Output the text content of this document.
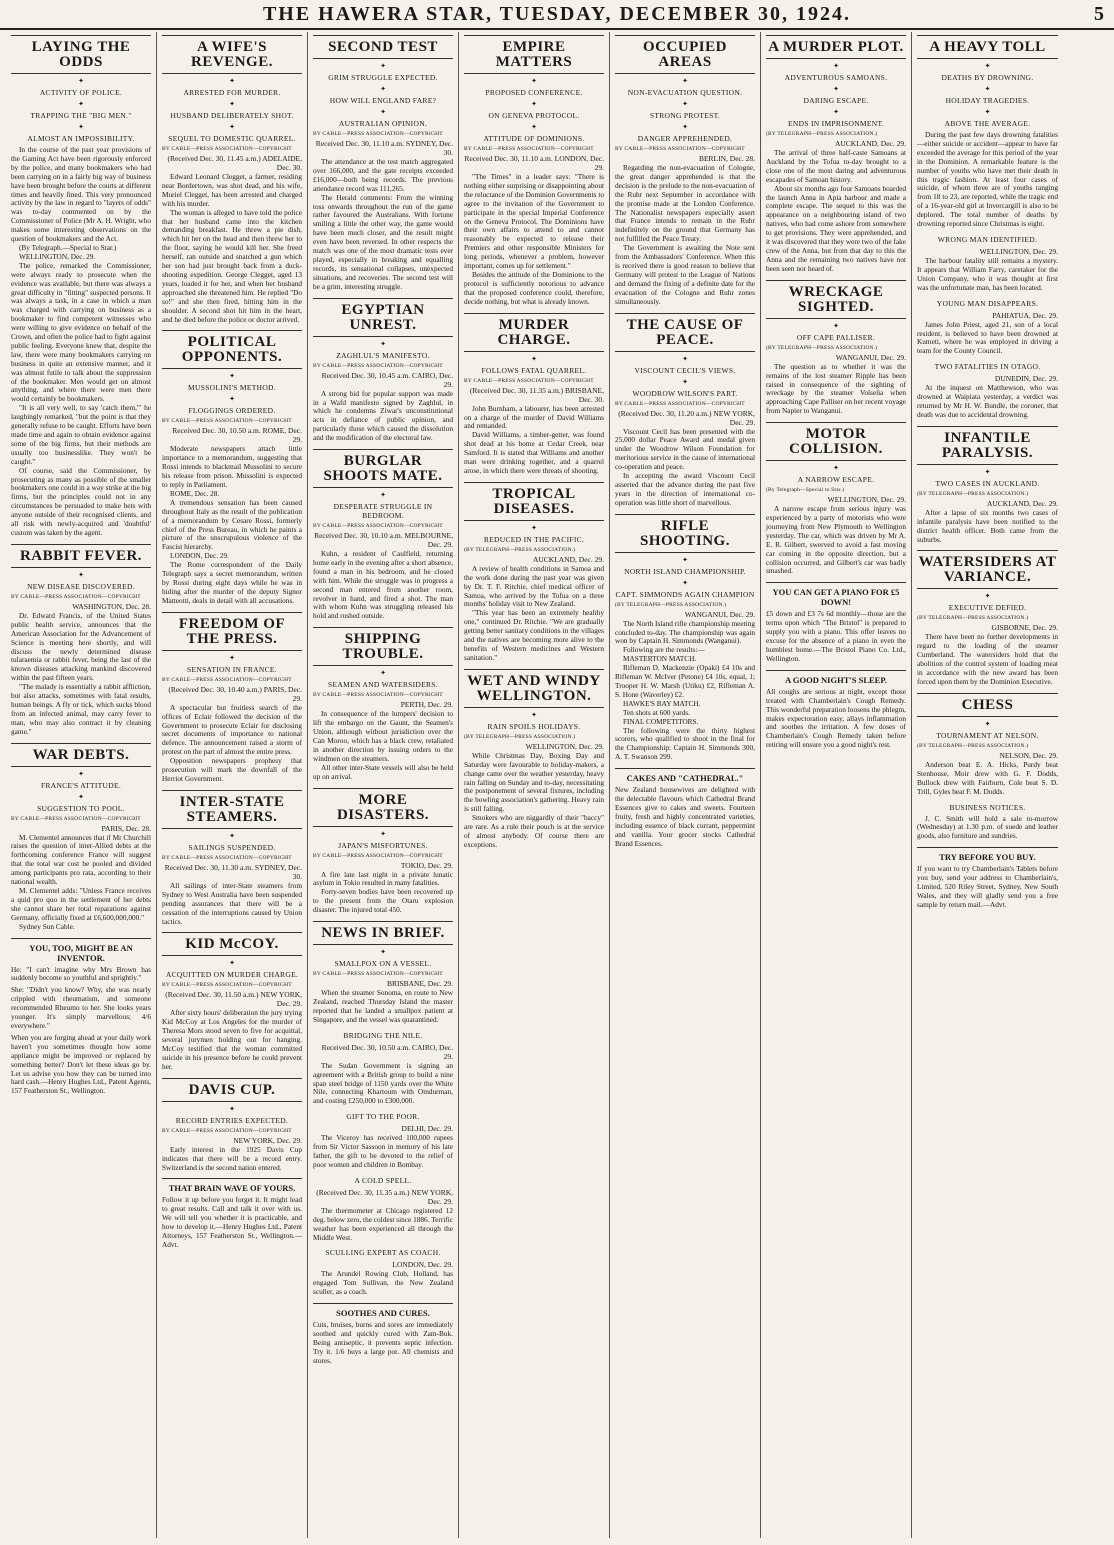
THE HAWERA STAR, TUESDAY, DECEMBER 30, 1924.	5
LAYING THE ODDS
✦
ACTIVITY OF POLICE.
✦
TRAPPING THE "BIG MEN."
✦
ALMOST AN IMPOSSIBILITY.

In the course of the past year provisions of the Gaming Act have been rigorously enforced by the police, and many bookmakers who had been carrying on in a fairly big way of business have been brought before the courts at different times and heavily fined. This very pronounced activity by the law in regard to "layers of odds" was to-day commented on by the Commissioner of Police (Mr A. H. Wright, who makes some interesting observations on the question of bookmakers and the Act.

(By Telegraph.—Special to Star.)

WELLINGTON, Dec. 29.

The police, remarked the Commissioner, were always ready to prosecute when the evidence was available, but there was always a great difficulty in "fitting" suspected persons. It was always a task, in a case in which a man was charged with carrying on business as a bookmaker to find competent witnesses who were willing to give evidence on behalf of the Crown, and often the police had to fight against public feeling. Everyone knew that, despite the law, there were many bookmakers carrying on business in quite an extensive manner, and it was almost futile to talk about the suppression of the bookmaker. Men would get on almost anything, and where there were men there would certainly be bookmakers.

"It is all very well, to say 'catch them,'" he laughingly remarked, "but the point is that they generally refuse to be caught. Efforts have been made time and again to obtain evidence against some of the big firms, but their methods are usually too businesslike. They won't be caught."

Of course, said the Commissioner, by prosecuting as many as possible of the smaller bookmakers one could in a way strike at the big firms, but the principles could not in any circumstances be persuaded to make bets with anyone outside of their recognised clients, and all risk with newly-acquired and 'doubtful' custom was taken by the agent.

RABBIT FEVER.
✦
NEW DISEASE DISCOVERED.
BY CABLE—PRESS ASSOCIATION—COPYRIGHT
WASHINGTON, Dec. 28.

Dr. Edward Francis, of the United States public health service, announces that the American Association for the Advancement of Science is meeting here shortly, and will discuss the newly determined disease tularaemia or rabbit fever, being the last of the known diseases attacking mankind discovered within the past fifteen years.

"The malady is essentially a rabbit affliction, but also attacks, sometimes with fatal results, human beings. A fly or tick, which sucks blood from an infected animal, may carry fever to man, who may also contract it by cleaning game."

WAR DEBTS.
✦
FRANCE'S ATTITUDE.
✦
SUGGESTION TO POOL.
BY CABLE—PRESS ASSOCIATION—COPYRIGHT
PARIS, Dec. 28.

M. Clementel announces that if Mr Churchill raises the question of inter-Allied debts at the forthcoming conference France will suggest that the total war cost be pooled and divided among participants pro rata, according to their national wealth.

M. Clementel adds: "Unless France receives a quid pro quo in the settlement of her debts she cannot share her total reparations against Germany, officially fixed at £6,600,000,000."

Sydney Sun Cable.

YOU, TOO, MIGHT BE AN INVENTOR.

He: "I can't imagine why Mrs Brown has suddenly become so youthful and sprightly."

She: "Didn't you know? Why, she was nearly crippled with rheumatism, and someone recommended Rheumo to her. She looks years younger. It's simply marvellous; 4/6 everywhere."

When you are forging ahead at your daily work haven't you sometimes thought how some appliance might be improved or replaced by something better? Don't let these ideas go by. Let us advise you how they can be turned into hard cash.—Henry Hughes Ltd., Patent Agents, 157 Featherston St., Wellington.

A WIFE'S REVENGE.
✦
ARRESTED FOR MURDER.
✦
HUSBAND DELIBERATELY SHOT.
✦
SEQUEL TO DOMESTIC QUARREL.
BY CABLE—PRESS ASSOCIATION—COPYRIGHT
(Received Dec. 30, 11.45 a.m.) ADELAIDE, Dec. 30.

Edward Leonard Clegget, a farmer, residing near Bordertown, was shot dead, and his wife, Muriel Clegget, has been arrested and charged with his murder.

The woman is alleged to have told the police that her husband came into the kitchen demanding breakfast. He threw a pie dish, which hit her on the head and then threw her to the floor, saying he would kill her. She freed herself, ran outside and snatched a gun which her son had just brought back from a duck-shooting expedition. George Clegget, aged 13 years, loaded it for her, and when her husband approached she threatened him. He replied "Do so!" and she then fired, hitting him in the shoulder. A second shot hit him in the heart, and he died before the police or doctor arrived.

POLITICAL OPPONENTS.
✦
MUSSOLINI'S METHOD.
✦
FLOGGINGS ORDERED.
BY CABLE—PRESS ASSOCIATION—COPYRIGHT
Received Dec. 30, 10.50 a.m. ROME, Dec. 29.

Moderate newspapers attach little importance to a memorandum, suggesting that Rossi intends to blackmail Mussolini to secure his release from prison. Mussolini is expected to reply in Parliament.

ROME, Dec. 28.

A tremendous sensation has been caused throughout Italy as the result of the publication of a memorandum by Cesare Rossi, formerly chief of the Press Bureau, in which he paints a picture of the unscrupulous violence of the Fascist hierarchy.

LONDON, Dec. 29.

The Rome correspondent of the Daily Telegraph says a secret memorandum, written by Rossi during eight days while he was in hiding after the murder of the deputy Signor Matteotti, deals in detail with all accusations.

FREEDOM OF THE PRESS.
✦
SENSATION IN FRANCE.
BY CABLE—PRESS ASSOCIATION—COPYRIGHT
(Received Dec. 30, 10.40 a.m.) PARIS, Dec. 29.

A spectacular but fruitless search of the offices of Eclair followed the decision of the Government to prosecute Eclair for disclosing secret documents of importance to national defence. The announcement raised a storm of protest on the part of almost the entire press.

Opposition newspapers prophesy that prosecution will mark the downfall of the Herriot Government.

INTER-STATE STEAMERS.
✦
SAILINGS SUSPENDED.
BY CABLE—PRESS ASSOCIATION—COPYRIGHT
Received Dec. 30, 11.30 a.m. SYDNEY, Dec. 30.

All sailings of inter-State steamers from Sydney to West Australia have been suspended pending assurances that there will be a cessation of the interruptions caused by Union tactics.

KID McCOY.
✦
ACQUITTED ON MURDER CHARGE.
BY CABLE—PRESS ASSOCIATION—COPYRIGHT
(Received Dec. 30, 11.50 a.m.) NEW YORK, Dec. 29.

After sixty hours' deliberation the jury trying Kid McCoy at Los Angeles for the murder of Theresa Mors stood seven to five for acquittal, several jurymen holding out for hanging. McCoy testified that the woman committed suicide in his presence before he could prevent her.

DAVIS CUP.
✦
RECORD ENTRIES EXPECTED.
BY CABLE—PRESS ASSOCIATION—COPYRIGHT
NEW YORK, Dec. 29.

Early interest in the 1925 Davis Cup indicates that there will be a record entry. Switzerland is the second nation entered.

THAT BRAIN WAVE OF YOURS.

Follow it up before you forget it. It might lead to great results. Call and talk it over with us. We will tell you whether it is practicable, and how to develop it.—Henry Hughes Ltd., Patent Attorneys, 157 Featherston St., Wellington.—Advt.

SECOND TEST
✦
GRIM STRUGGLE EXPECTED.
✦
HOW WILL ENGLAND FARE?
✦
AUSTRALIAN OPINION.
BY CABLE—PRESS ASSOCIATION—COPYRIGHT
Received Dec. 30, 11.10 a.m. SYDNEY, Dec. 30.

The attendance at the test match aggregated over 166,000, and the gate receipts exceeded £16,000—both being records. The previous attendance record was 111,265.

The Herald comments: From the winning toss onwards throughout the run of the game rather favoured the Australians. With fortune smiling a little the other way, the game would have been much closer, and the result might even have been reversed. In other respects the match was one of the most dramatic tests ever played, especially in breaking and equalling records, its sensational collapses, unexpected situations, and recoveries. The second test will be a grim, interesting struggle.

EGYPTIAN UNREST.
✦
ZAGHLUL'S MANIFESTO.
BY CABLE—PRESS ASSOCIATION—COPYRIGHT
Received Dec. 30, 10.45 a.m. CAIRO, Dec. 29.

A strong bid for popular support was made in a Wafd manifesto signed by Zaghlul, in which he condemns Ziwar's unconstitutional acts in defiance of public opinion, and particularly those which caused the dissolution and the modification of the electoral law.

BURGLAR SHOOTS MATE.
✦
DESPERATE STRUGGLE IN BEDROOM.
BY CABLE—PRESS ASSOCIATION—COPYRIGHT
Received Dec. 30, 10.10 a.m. MELBOURNE, Dec. 29.

Kuhn, a resident of Caulfield, returning home early in the evening after a short absence, found a man in his bedroom, and he closed with him. While the struggle was in progress a second man entered from another room, revolver in hand, and fired a shot. The man with whom Kuhn was struggling released his hold and rushed outside.

SHIPPING TROUBLE.
✦
SEAMEN AND WATERSIDERS.
BY CABLE—PRESS ASSOCIATION—COPYRIGHT
PERTH, Dec. 29.

In consequence of the lumpers' decision to lift the embargo on the Gaunt, the Seamen's Union, although without jurisdiction over the Can Moroo, which has a black crew, retaliated in another direction by issuing orders to the windmen on the steamers.

All other inter-State vessels will also be held up on arrival.

MORE DISASTERS.
✦
JAPAN'S MISFORTUNES.
BY CABLE—PRESS ASSOCIATION—COPYRIGHT
TOKIO, Dec. 29.

A fire late last night in a private lunatic asylum in Tokio resulted in many fatalities.

Forty-seven bodies have been recovered up to the present from the Otaru explosion disaster. The injured total 450.

NEWS IN BRIEF.
✦
SMALLPOX ON A VESSEL.
BY CABLE—PRESS ASSOCIATION—COPYRIGHT
BRISBANE, Dec. 29.

When the steamer Sonoma, en route to New Zealand, reached Thursday Island the master reported that he landed a smallpox patient at Singapore, and the vessel was quarantined.

BRIDGING THE NILE.
Received Dec. 30, 10.50 a.m. CAIRO, Dec. 29.

The Sudan Government is signing an agreement with a British group to build a nine span steel bridge of 1150 yards over the White Nile, connecting Khartoum with Omdurman, and costing £250,000 to £300,000.

GIFT TO THE POOR.
DELHI, Dec. 29.

The Viceroy has received 100,000 rupees from Sir Victor Sassoon in memory of his late father, the gift to be devoted to the relief of poor women and children in Bombay.

A COLD SPELL.
(Received Dec. 30, 11.35 a.m.) NEW YORK, Dec. 29.

The thermometer at Chicago registered 12 deg. below zero, the coldest since 1886. Terrific weather has been experienced all through the Middle West.

SCULLING EXPERT AS COACH.
LONDON, Dec. 29.

The Arundel Rowing Club, Holland, has engaged Tom Sullivan, the New Zealand sculler, as a coach.

SOOTHES AND CURES.

Cuts, bruises, burns and sores are immediately soothed and quickly cured with Zam-Buk. Being antiseptic, it prevents septic infection. Try it. 1/6 buys a large pot. All chemists and stores.

EMPIRE MATTERS
✦
PROPOSED CONFERENCE.
✦
ON GENEVA PROTOCOL.
✦
ATTITUDE OF DOMINIONS.
BY CABLE—PRESS ASSOCIATION—COPYRIGHT
Received Dec. 30, 11.10 a.m. LONDON, Dec. 29.

"The Times" in a leader says: "There is nothing either surprising or disappointing about the reluctance of the Dominion Governments to agree to the invitation of the Government to participate in the special Imperial Conference on the Geneva Protocol. The Dominions have their own affairs to attend to and cannot reasonably be expected to release their Premiers and other responsible Ministers for long periods, whenever a problem, however important, comes up for settlement."

Besides the attitude of the Dominions to the protocol is sufficiently notorious to advance that the proposed conference could, therefore, decide nothing, but what is already known.

MURDER CHARGE.
✦
FOLLOWS FATAL QUARREL.
BY CABLE—PRESS ASSOCIATION—COPYRIGHT
(Received Dec. 30, 11.35 a.m.) BRISBANE, Dec. 30.

John Burnham, a labourer, has been arrested on a charge of the murder of David Williams and remanded.

David Williams, a timber-getter, was found shot dead at his home at Cedar Creek, near Samford. It is stated that Williams and another man were drinking together, and a quarrel arose, in which there were threats of shooting.

TROPICAL DISEASES.
✦
REDUCED IN THE PACIFIC.
(BY TELEGRAPH—PRESS ASSOCIATION.)
AUCKLAND, Dec. 29.

A review of health conditions in Samoa and the work done during the past year was given by Dr. T. F. Ritchie, chief medical officer of Samoa, who arrived by the Tofua on a three months' holiday visit to New Zealand.

"This year has been an extremely healthy one," continued Dr. Ritchie. "We are gradually getting better sanitary conditions in the villages and the natives are becoming more alive to the benefits of Western medicines and Western sanitation."

WET AND WINDY WELLINGTON.
✦
RAIN SPOILS HOLIDAYS.
(BY TELEGRAPH—PRESS ASSOCIATION.)
WELLINGTON, Dec. 29.

While Christmas Day, Boxing Day and Saturday were favourable to holiday-makers, a change came over the weather yesterday, heavy rain falling on Sunday and to-day, necessitating the postponement of several fixtures, including the bowling association's gathering. Heavy rain is still falling.

Smokers who are niggardly of their "baccy" are rare. As a rule their pouch is at the service of almost anybody. Of course there are exceptions.

OCCUPIED AREAS
✦
NON-EVACUATION QUESTION.
✦
STRONG PROTEST.
✦
DANGER APPREHENDED.
BY CABLE—PRESS ASSOCIATION—COPYRIGHT
BERLIN, Dec. 28.

Regarding the non-evacuation of Cologne, the great danger apprehended is that the decision is the prelude to the non-evacuation of the Ruhr next September in accordance with the promise made at the London Conference. The Nationalist newspapers especially assert that France intends to remain in the Ruhr indefinitely on the ground that Germany has not fulfilled the Peace Treaty.

The Government is awaiting the Note sent from the Ambassadors' Conference. When this is received there is good reason to believe that Germany will protest to the League of Nations and demand the fixing of a definite date for the evacuation of the Cologne and Ruhr zones simultaneously.

THE CAUSE OF PEACE.
✦
VISCOUNT CECIL'S VIEWS.
✦
WOODROW WILSON'S PART.
BY CABLE—PRESS ASSOCIATION—COPYRIGHT
(Received Dec. 30, 11.20 a.m.) NEW YORK, Dec. 29.

Viscount Cecil has been presented with the 25,000 dollar Peace Award and medal given under the Woodrow Wilson Foundation for meritorious service in the cause of international co-operation and peace.

In accepting the award Viscount Cecil asserted that the advance during the past five years in the direction of international co-operation was little short of marvellous.

RIFLE SHOOTING.
✦
NORTH ISLAND CHAMPIONSHIP.
✦
CAPT. SIMMONDS AGAIN CHAMPION
(BY TELEGRAPH—PRESS ASSOCIATION.)
WANGANUI, Dec. 29.

The North Island rifle championship meeting concluded to-day. The championship was again won by Captain H. Simmonds (Wanganui).

Following are the results:—

MASTERTON MATCH.

Rifleman D. Mackenzie (Opaki) £4 10s and Rifleman W. McIver (Petone) £4 10s, equal, 1; Trooper H. W. Marsh (Utiku) £2, Rifleman A. S. Hone (Waverley) £2.

HAWKE'S BAY MATCH.

Ten shots at 600 yards.

FINAL COMPETITORS.

The following were the thirty highest scorers, who qualified to shoot in the final for the Championship: Captain H. Simmonds 300, A. T. Swanson 299.

CAKES AND "CATHEDRAL."

New Zealand housewives are delighted with the delectable flavours which Cathedral Brand Essences give to cakes and sweets. Fourteen fruity, fresh and highly concentrated varieties, including essence of black currant, peppermint and vanilla. Your grocer stocks Cathedral Brand Essences.

A MURDER PLOT.
✦
ADVENTUROUS SAMOANS.
✦
DARING ESCAPE.
✦
ENDS IN IMPRISONMENT.
(BY TELEGRAPH—PRESS ASSOCIATION.)
AUCKLAND, Dec. 29.

The arrival of three half-caste Samoans at Auckland by the Tofua to-day brought to a close one of the most daring and adventurous escapades of Samoan history.

About six months ago four Samoans boarded the launch Anna in Apia harbour and made a complete escape. The sequel to this was the appearance on a neighbouring island of two natives, who had come ashore from somewhere to get provisions. They were apprehended, and it was discovered that they were two of the fake crew of the Anna, but from that day to this the Anna and the remaining two natives have not been seen nor heard of.

WRECKAGE SIGHTED.
✦
OFF CAPE PALLISER.
(BY TELEGRAPH—PRESS ASSOCIATION.)
WANGANUI, Dec. 29.

The question as to whether it was the remains of the lost steamer Ripple has been raised in consequence of the sighting of wreckage by the steamer Volselia when approaching Cape Palliser on her recent voyage from Napier to Wanganui.

MOTOR COLLISION.
✦
A NARROW ESCAPE.
(By Telegraph—Special to Star.)
WELLINGTON, Dec. 29.

A narrow escape from serious injury was experienced by a party of motorists who were journeying from New Plymouth to Wellington yesterday. The car, which was driven by Mr A. E. R. Gilbert, swerved to avoid a fast moving car coming in the opposite direction, but a collision occurred, and Gilbert's car was badly smashed.

YOU CAN GET A PIANO FOR £5 DOWN!

£5 down and £3 7s 6d monthly—those are the terms upon which "The Bristol" is prepared to supply you with a piano. This offer leaves no excuse for the absence of a piano in even the humblest home.—The Bristol Piano Co. Ltd., Wellington.

A GOOD NIGHT'S SLEEP.

All coughs are serious at night, except those treated with Chamberlain's Cough Remedy. This wonderful preparation loosens the phlegm, makes expectoration easy, allays inflammation and soothes the irritation. A few doses of Chamberlain's Cough Remedy taken before retiring will ensure you a good night's rest.

A HEAVY TOLL
✦
DEATHS BY DROWNING.
✦
HOLIDAY TRAGEDIES.
✦
ABOVE THE AVERAGE.

During the past few days drowning fatalities—either suicide or accident—appear to have far exceeded the average for this period of the year in the Dominion. A remarkable feature is the number of youths who have met their death in this tragic fashion. At least four cases of suicide, of whom three are of youths ranging from 18 to 23, are reported, while the tragic end of a 16-year-old girl at Invercargill is also to be deplored. The total number of deaths by drowning reported since Christmas is eight.

WRONG MAN IDENTIFIED.
WELLINGTON, Dec. 29.

The harbour fatality still remains a mystery. It appears that William Farry, caretaker for the Union Company, who it was thought at first was the unfortunate man, has been located.

YOUNG MAN DISAPPEARS.
PAHIATUA, Dec. 29.

James John Priest, aged 21, son of a local resident, is believed to have been drowned at Kumeti, where he was employed in driving a team for the County Council.

TWO FATALITIES IN OTAGO.
DUNEDIN, Dec. 29.

At the inquest on Matthewson, who was drowned at Waipiata yesterday, a verdict was returned by Mr H. W. Bundle, the coroner, that death was due to accidental drowning.

INFANTILE PARALYSIS.
✦
TWO CASES IN AUCKLAND.
(BY TELEGRAPH—PRESS ASSOCIATION.)
AUCKLAND, Dec. 29.

After a lapse of six months two cases of infantile paralysis have been notified to the district health officer. Both came from the suburbs.

WATERSIDERS AT VARIANCE.
✦
EXECUTIVE DEFIED.
(BY TELEGRAPH—PRESS ASSOCIATION.)
GISBORNE, Dec. 29.

There have been no further developments in regard to the loading of the steamer Cumberland. The watersiders hold that the abolition of the control system of loading meat in accordance with the new award has been forced upon them by the Dominion Executive.

CHESS
✦
TOURNAMENT AT NELSON.
(BY TELEGRAPH—PRESS ASSOCIATION.)
NELSON, Dec. 29.

Anderson beat E. A. Hicks, Purdy beat Stenhouse, Moir drew with G. F. Dodds, Bullock drew with Fairburn, Cole beat S. D. Trill, Gyles beat F. M. Dodds.

BUSINESS NOTICES.

J. C. Smith will hold a sale to-morrow (Wednesday) at 1.30 p.m. of suede and leather goods, also furniture and sundries.

TRY BEFORE YOU BUY.

If you want to try Chamberlain's Tablets before you buy, send your address to Chamberlain's, Limited, 520 Riley Street, Sydney, New South Wales, and they will gladly send you a free sample by return mail.—Advt.
